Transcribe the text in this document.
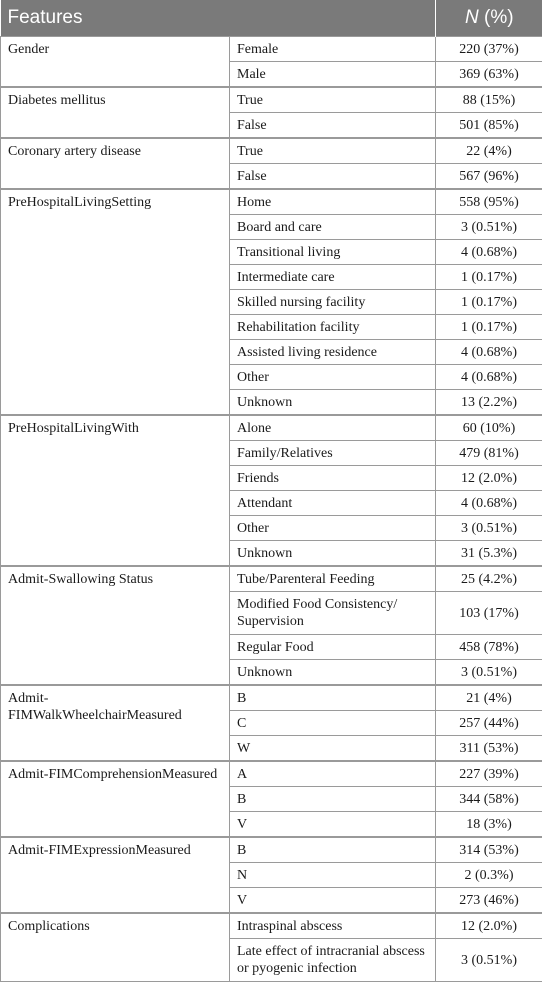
Features		N (%)
Gender	Female	220 (37%)
	Male	369 (63%)
Diabetes mellitus	True	88 (15%)
	False	501 (85%)
Coronary artery disease	True	22 (4%)
	False	567 (96%)
PreHospitalLivingSetting	Home	558 (95%)
	Board and care	3 (0.51%)
	Transitional living	4 (0.68%)
	Intermediate care	1 (0.17%)
	Skilled nursing facility	1 (0.17%)
	Rehabilitation facility	1 (0.17%)
	Assisted living residence	4 (0.68%)
	Other	4 (0.68%)
	Unknown	13 (2.2%)
PreHospitalLivingWith	Alone	60 (10%)
	Family/Relatives	479 (81%)
	Friends	12 (2.0%)
	Attendant	4 (0.68%)
	Other	3 (0.51%)
	Unknown	31 (5.3%)
Admit-Swallowing Status	Tube/Parenteral Feeding	25 (4.2%)
	Modified Food Consistency/ Supervision	103 (17%)
	Regular Food	458 (78%)
	Unknown	3 (0.51%)
Admit-FIMWalkWheelchairMeasured	B	21 (4%)
	C	257 (44%)
	W	311 (53%)
Admit-FIMComprehensionMeasured	A	227 (39%)
	B	344 (58%)
	V	18 (3%)
Admit-FIMExpressionMeasured	B	314 (53%)
	N	2 (0.3%)
	V	273 (46%)
Complications	Intraspinal abscess	12 (2.0%)
	Late effect of intracranial abscess or pyogenic infection	3 (0.51%)
